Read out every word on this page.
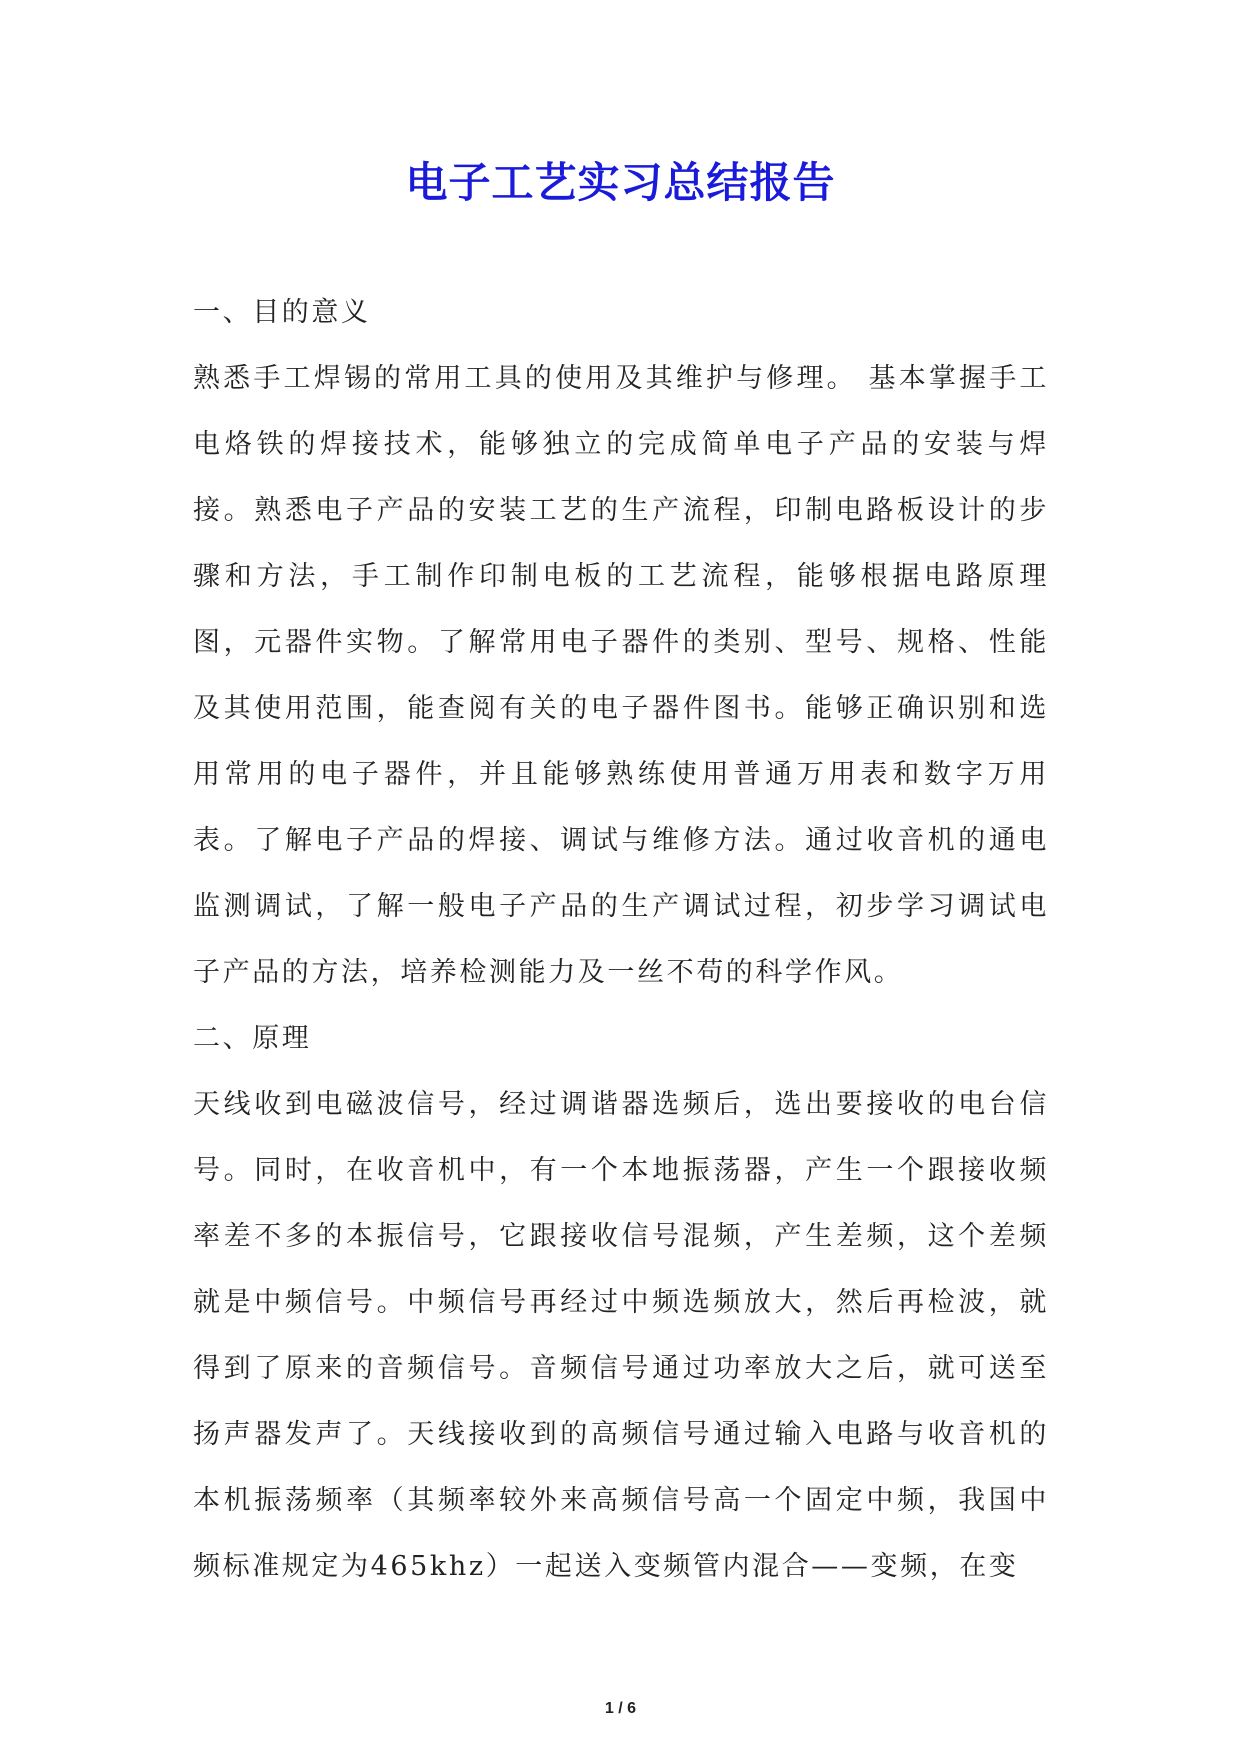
电子工艺实习总结报告

一、目的意义

熟悉手工焊锡的常用工具的使用及其维护与修理。 基本掌握手工电烙铁的焊接技术，能够独立的完成简单电子产品的安装与焊接。熟悉电子产品的安装工艺的生产流程，印制电路板设计的步骤和方法，手工制作印制电板的工艺流程，能够根据电路原理图，元器件实物。了解常用电子器件的类别、型号、规格、性能及其使用范围，能查阅有关的电子器件图书。能够正确识别和选用常用的电子器件，并且能够熟练使用普通万用表和数字万用表。了解电子产品的焊接、调试与维修方法。通过收音机的通电监测调试，了解一般电子产品的生产调试过程，初步学习调试电子产品的方法，培养检测能力及一丝不苟的科学作风。

二、原理

天线收到电磁波信号，经过调谐器选频后，选出要接收的电台信号。同时，在收音机中，有一个本地振荡器，产生一个跟接收频率差不多的本振信号，它跟接收信号混频，产生差频，这个差频就是中频信号。中频信号再经过中频选频放大，然后再检波，就得到了原来的音频信号。音频信号通过功率放大之后，就可送至扬声器发声了。天线接收到的高频信号通过输入电路与收音机的本机振荡频率（其频率较外来高频信号高一个固定中频，我国中频标准规定为465khz）一起送入变频管内混合——变频，在变

1 / 6
